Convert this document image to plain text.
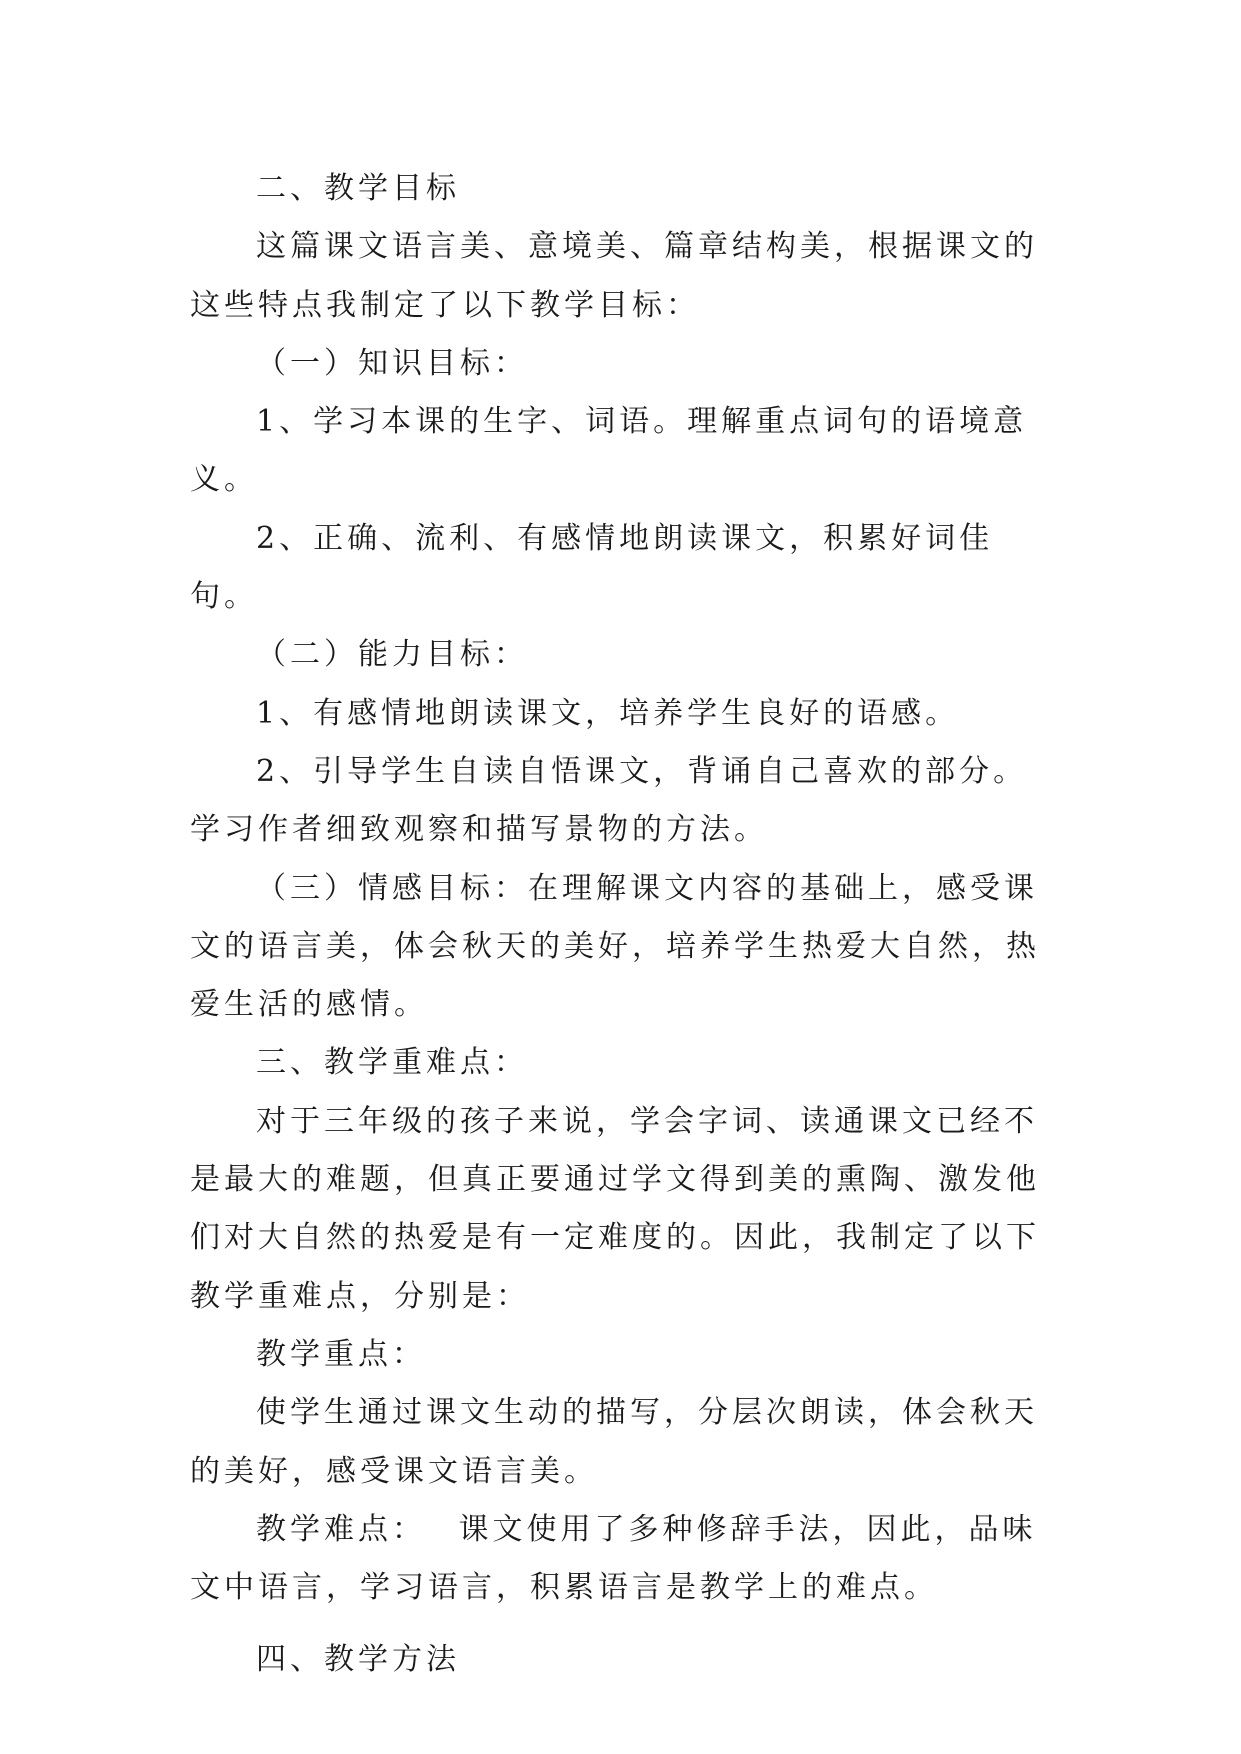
二、教学目标

这篇课文语言美、意境美、篇章结构美，根据课文的这些特点我制定了以下教学目标：

（一）知识目标：

1、学习本课的生字、词语。理解重点词句的语境意义。

2、正确、流利、有感情地朗读课文，积累好词佳句。

（二）能力目标：

1、有感情地朗读课文，培养学生良好的语感。

2、引导学生自读自悟课文，背诵自己喜欢的部分。学习作者细致观察和描写景物的方法。

（三）情感目标：在理解课文内容的基础上，感受课文的语言美，体会秋天的美好，培养学生热爱大自然，热爱生活的感情。

三、教学重难点：

对于三年级的孩子来说，学会字词、读通课文已经不是最大的难题，但真正要通过学文得到美的熏陶、激发他们对大自然的热爱是有一定难度的。因此，我制定了以下教学重难点，分别是：

教学重点：

使学生通过课文生动的描写，分层次朗读，体会秋天的美好，感受课文语言美。

教学难点：　 课文使用了多种修辞手法，因此，品味文中语言，学习语言，积累语言是教学上的难点。

四、教学方法
